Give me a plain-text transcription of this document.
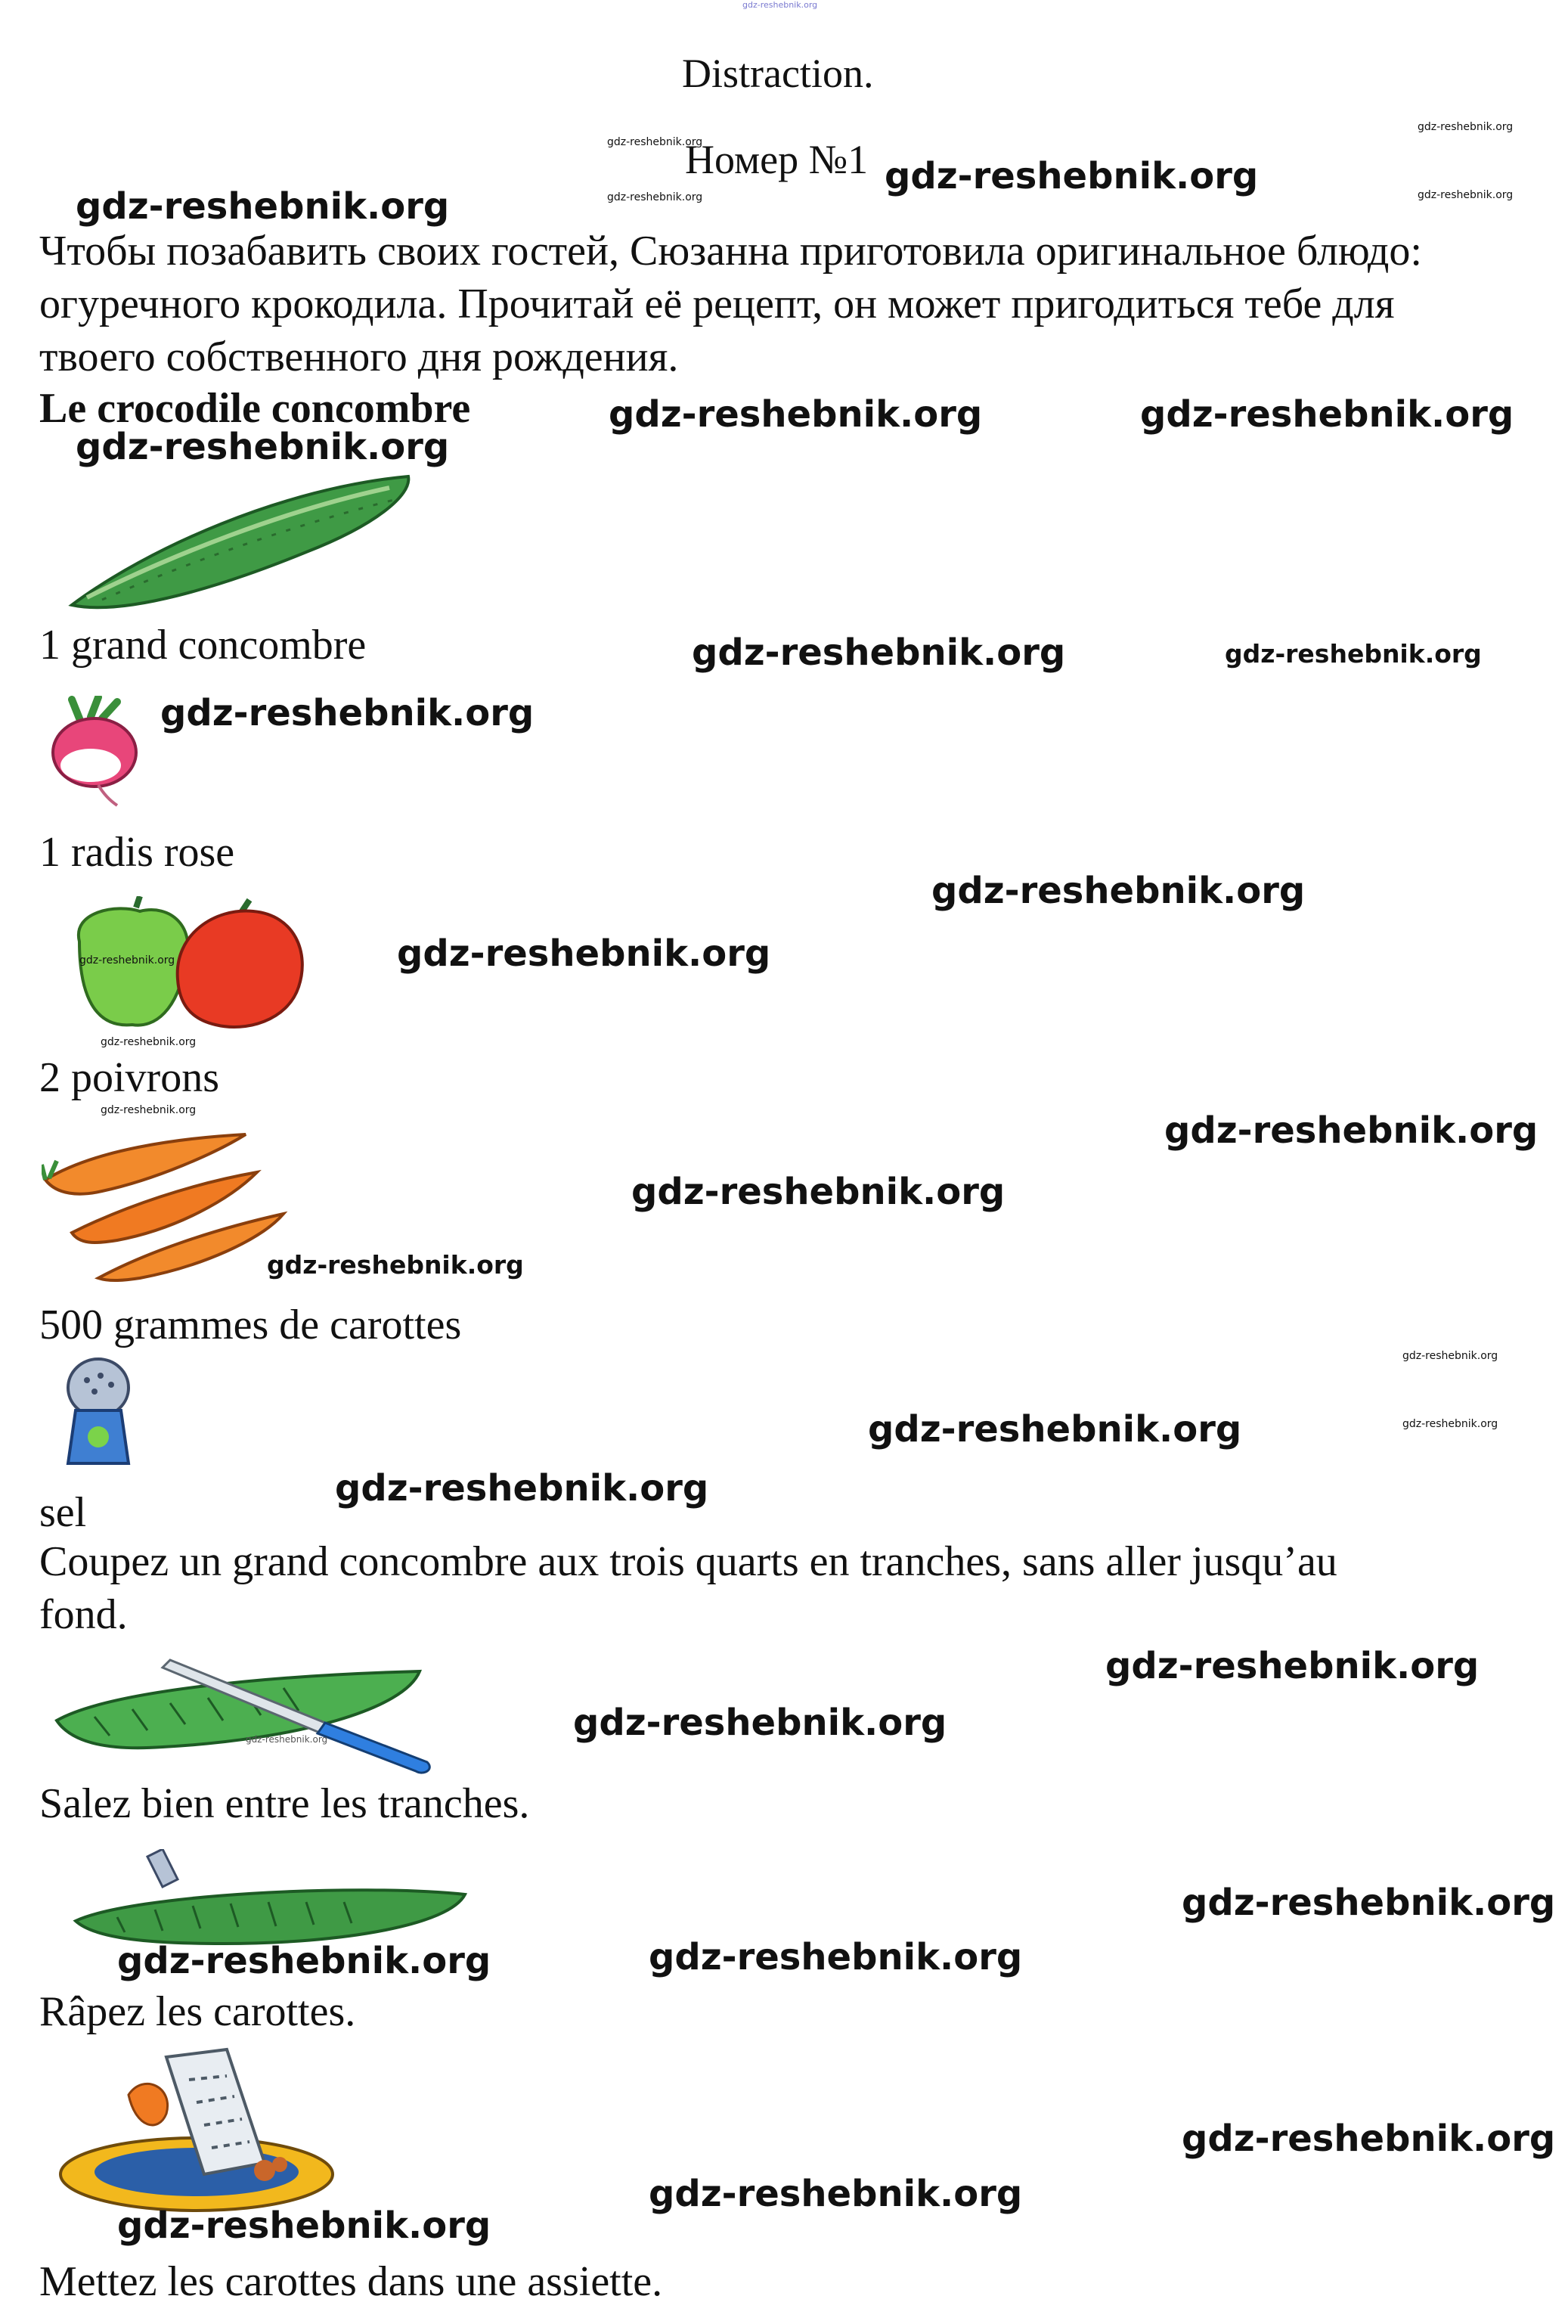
gdz-reshebnik.org
Distraction.
Номер №1 gdz-reshebnik.org
gdz-reshebnik.org
gdz-reshebnik.org
gdz-reshebnik.org
gdz-reshebnik.org
gdz-reshebnik.org
Чтобы позабавить своих гостей, Сюзанна приготовила оригинальное блюдо:
огуречного крокодила. Прочитай её рецепт, он может пригодиться тебе для
твоего собственного дня рождения.
Le crocodile concombre	gdz-reshebnik.org	gdz-reshebnik.org
gdz-reshebnik.org
1 grand concombre	gdz-reshebnik.org	gdz-reshebnik.org
gdz-reshebnik.org
1 radis rose
gdz-reshebnik.org
gdz-reshebnik.org
gdz-reshebnik.org
gdz-reshebnik.org
2 poivrons
gdz-reshebnik.org	gdz-reshebnik.org
gdz-reshebnik.org
gdz-reshebnik.org
500 grammes de carottes
gdz-reshebnik.org
gdz-reshebnik.org
gdz-reshebnik.org
gdz-reshebnik.org
sel
Coupez un grand concombre aux trois quarts en tranches, sans aller jusqu’au
fond.
gdz-reshebnik.org
gdz-reshebnik.org
gdz-reshebnik.org
Salez bien entre les tranches.
gdz-reshebnik.org
gdz-reshebnik.org	gdz-reshebnik.org
Râpez les carottes.
gdz-reshebnik.org
gdz-reshebnik.org
gdz-reshebnik.org
Mettez les carottes dans une assiette.
